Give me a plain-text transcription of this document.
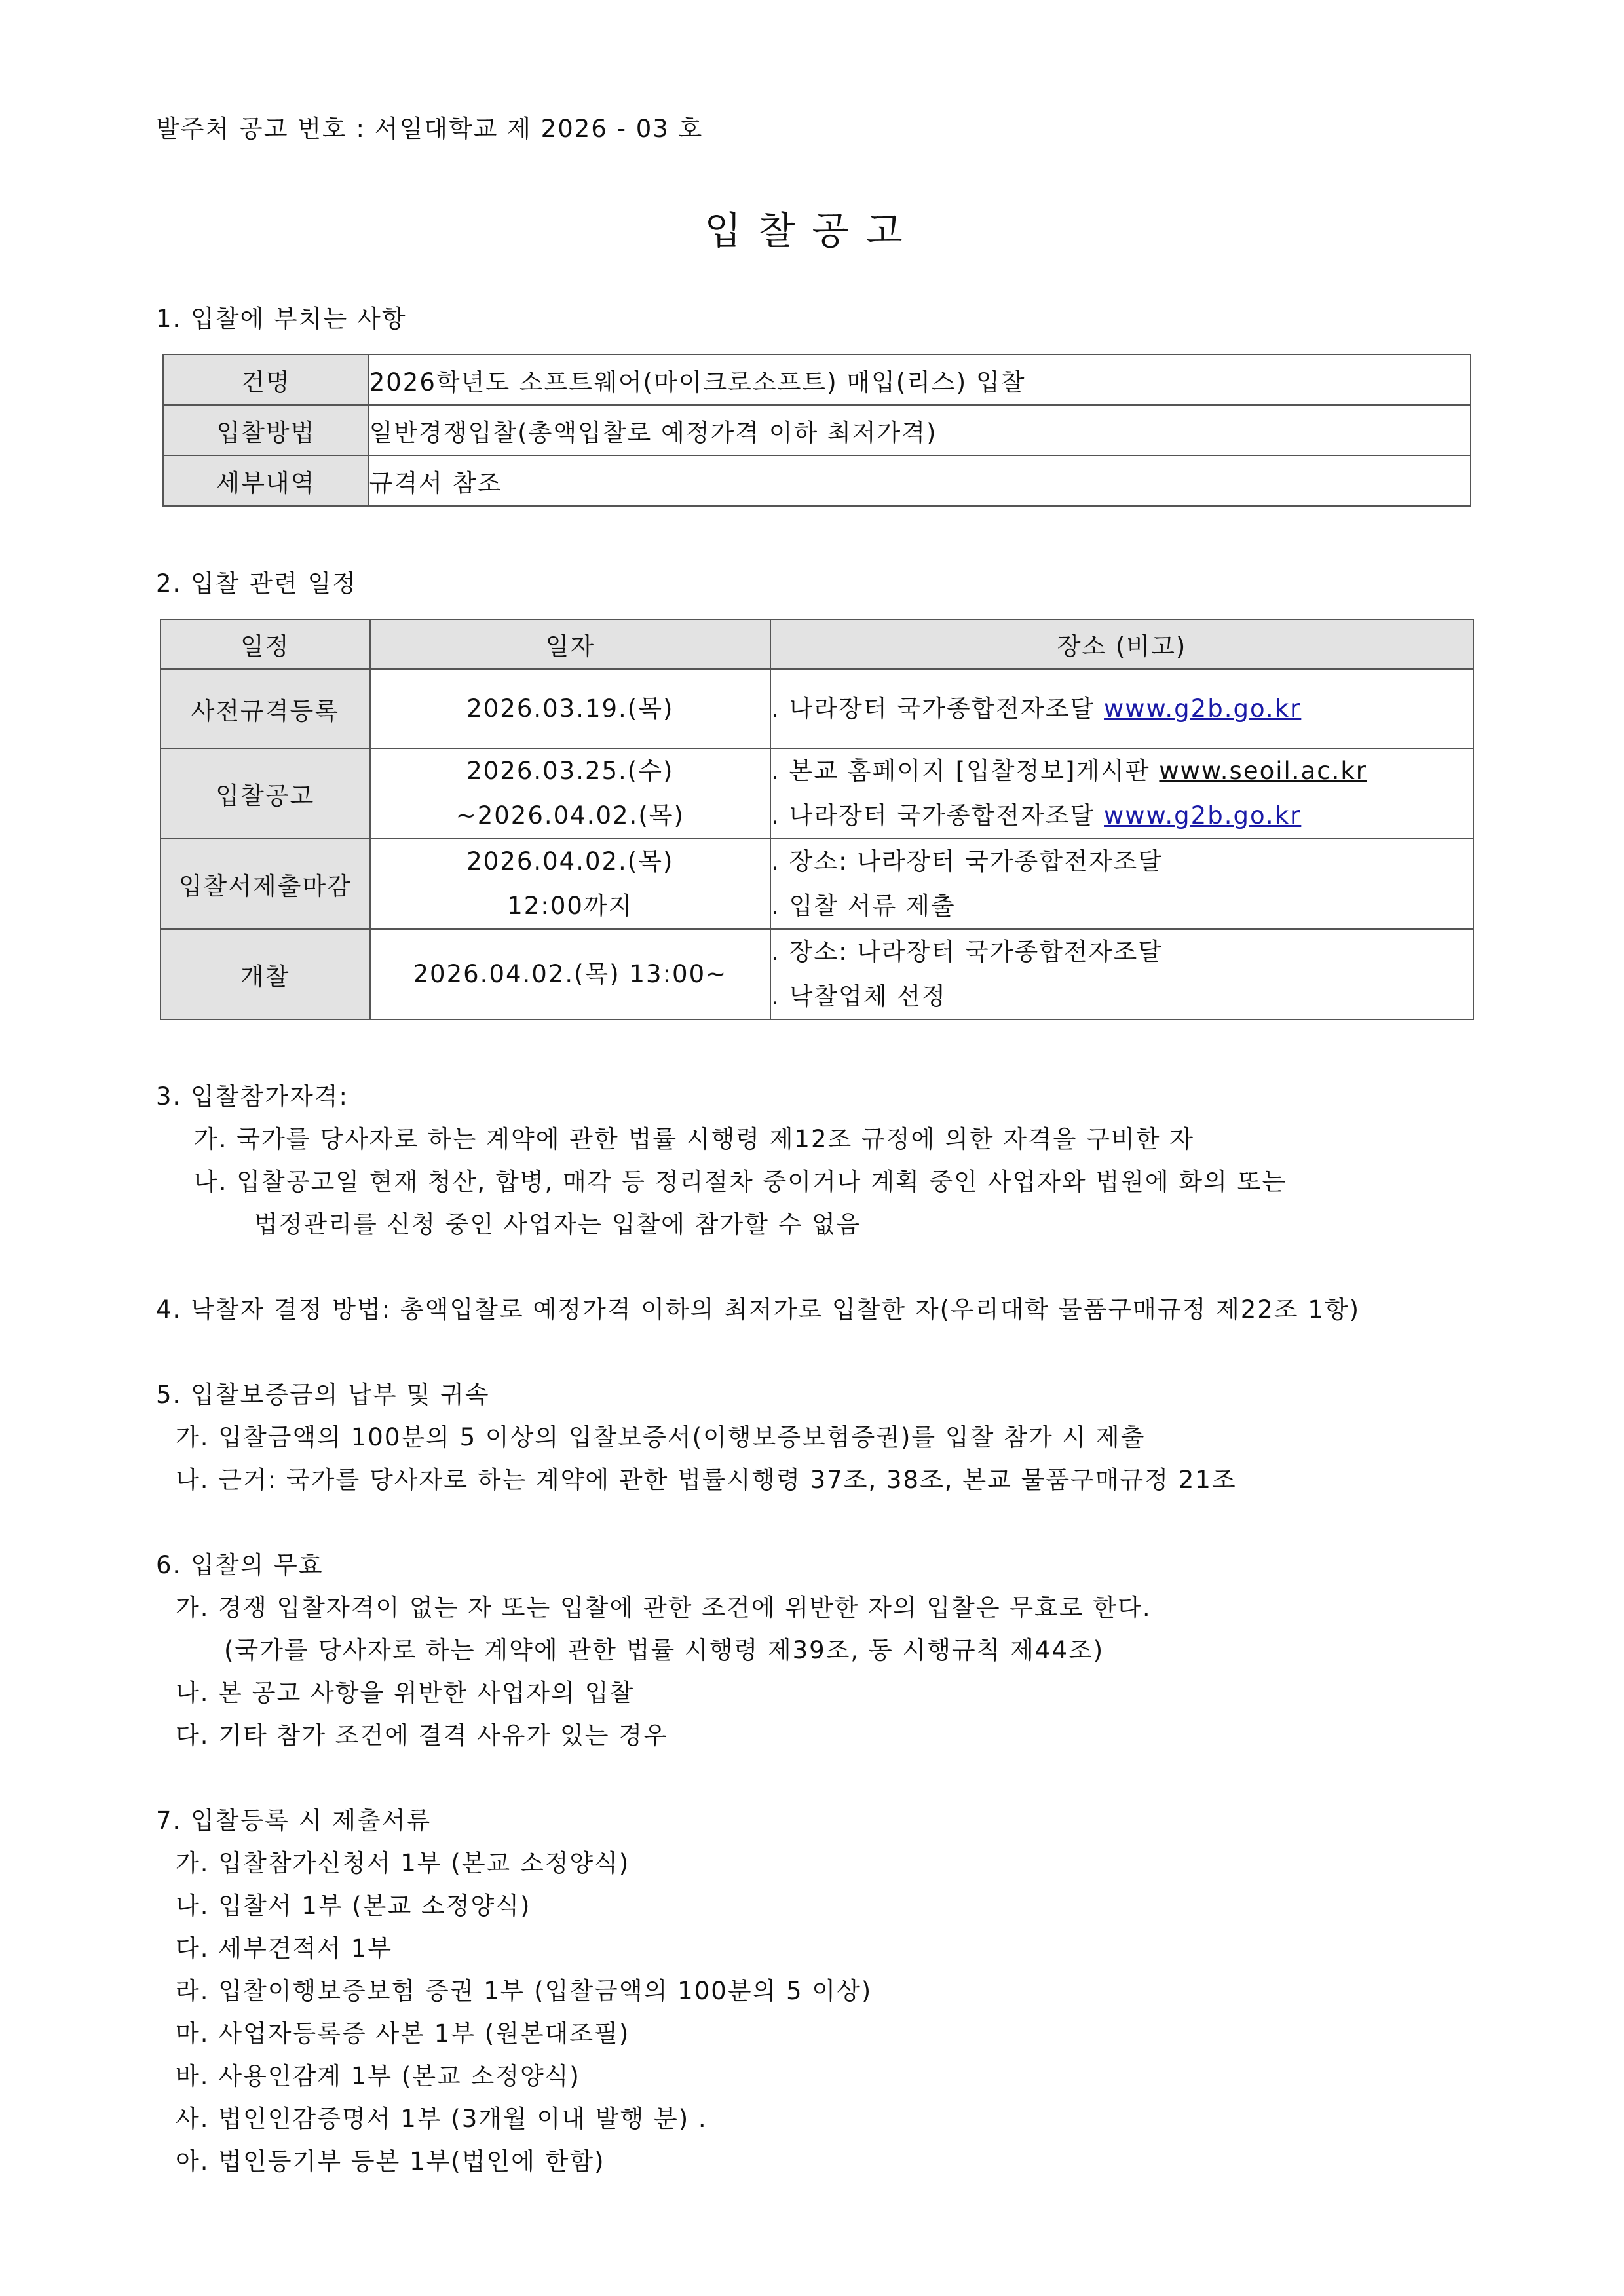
발주처 공고 번호 : 서일대학교 제 2026 - 03 호
입찰공고
1. 입찰에 부치는 사항
건명	2026학년도 소프트웨어(마이크로소프트) 매입(리스) 입찰
입찰방법	일반경쟁입찰(총액입찰로 예정가격 이하 최저가격)
세부내역	규격서 참조
2. 입찰 관련 일정
일정	일자	장소 (비고)
사전규격등록	2026.03.19.(목)	. 나라장터 국가종합전자조달 www.g2b.go.kr

입찰공고	2026.03.25.(수)
~2026.04.02.(목)	. 본교 홈페이지 [입찰정보]게시판 www.seoil.ac.kr
. 나라장터 국가종합전자조달 www.g2b.go.kr

입찰서제출마감	2026.04.02.(목)
12:00까지	. 장소: 나라장터 국가종합전자조달
. 입찰 서류 제출

개찰	2026.04.02.(목) 13:00~	. 장소: 나라장터 국가종합전자조달
. 낙찰업체 선정
3. 입찰참가자격:
가. 국가를 당사자로 하는 계약에 관한 법률 시행령 제12조 규정에 의한 자격을 구비한 자
나. 입찰공고일 현재 청산, 합병, 매각 등 정리절차 중이거나 계획 중인 사업자와 법원에 화의 또는
법정관리를 신청 중인 사업자는 입찰에 참가할 수 없음
4. 낙찰자 결정 방법: 총액입찰로 예정가격 이하의 최저가로 입찰한 자(우리대학 물품구매규정 제22조 1항)
5. 입찰보증금의 납부 및 귀속
가. 입찰금액의 100분의 5 이상의 입찰보증서(이행보증보험증권)를 입찰 참가 시 제출
나. 근거: 국가를 당사자로 하는 계약에 관한 법률시행령 37조, 38조, 본교 물품구매규정 21조
6. 입찰의 무효
가. 경쟁 입찰자격이 없는 자 또는 입찰에 관한 조건에 위반한 자의 입찰은 무효로 한다.
(국가를 당사자로 하는 계약에 관한 법률 시행령 제39조, 동 시행규칙 제44조)
나. 본 공고 사항을 위반한 사업자의 입찰
다. 기타 참가 조건에 결격 사유가 있는 경우
7. 입찰등록 시 제출서류
가. 입찰참가신청서 1부 (본교 소정양식)
나. 입찰서 1부 (본교 소정양식)
다. 세부견적서 1부
라. 입찰이행보증보험 증권 1부 (입찰금액의 100분의 5 이상)
마. 사업자등록증 사본 1부 (원본대조필)
바. 사용인감계 1부 (본교 소정양식)
사. 법인인감증명서 1부 (3개월 이내 발행 분) .
아. 법인등기부 등본 1부(법인에 한함)
